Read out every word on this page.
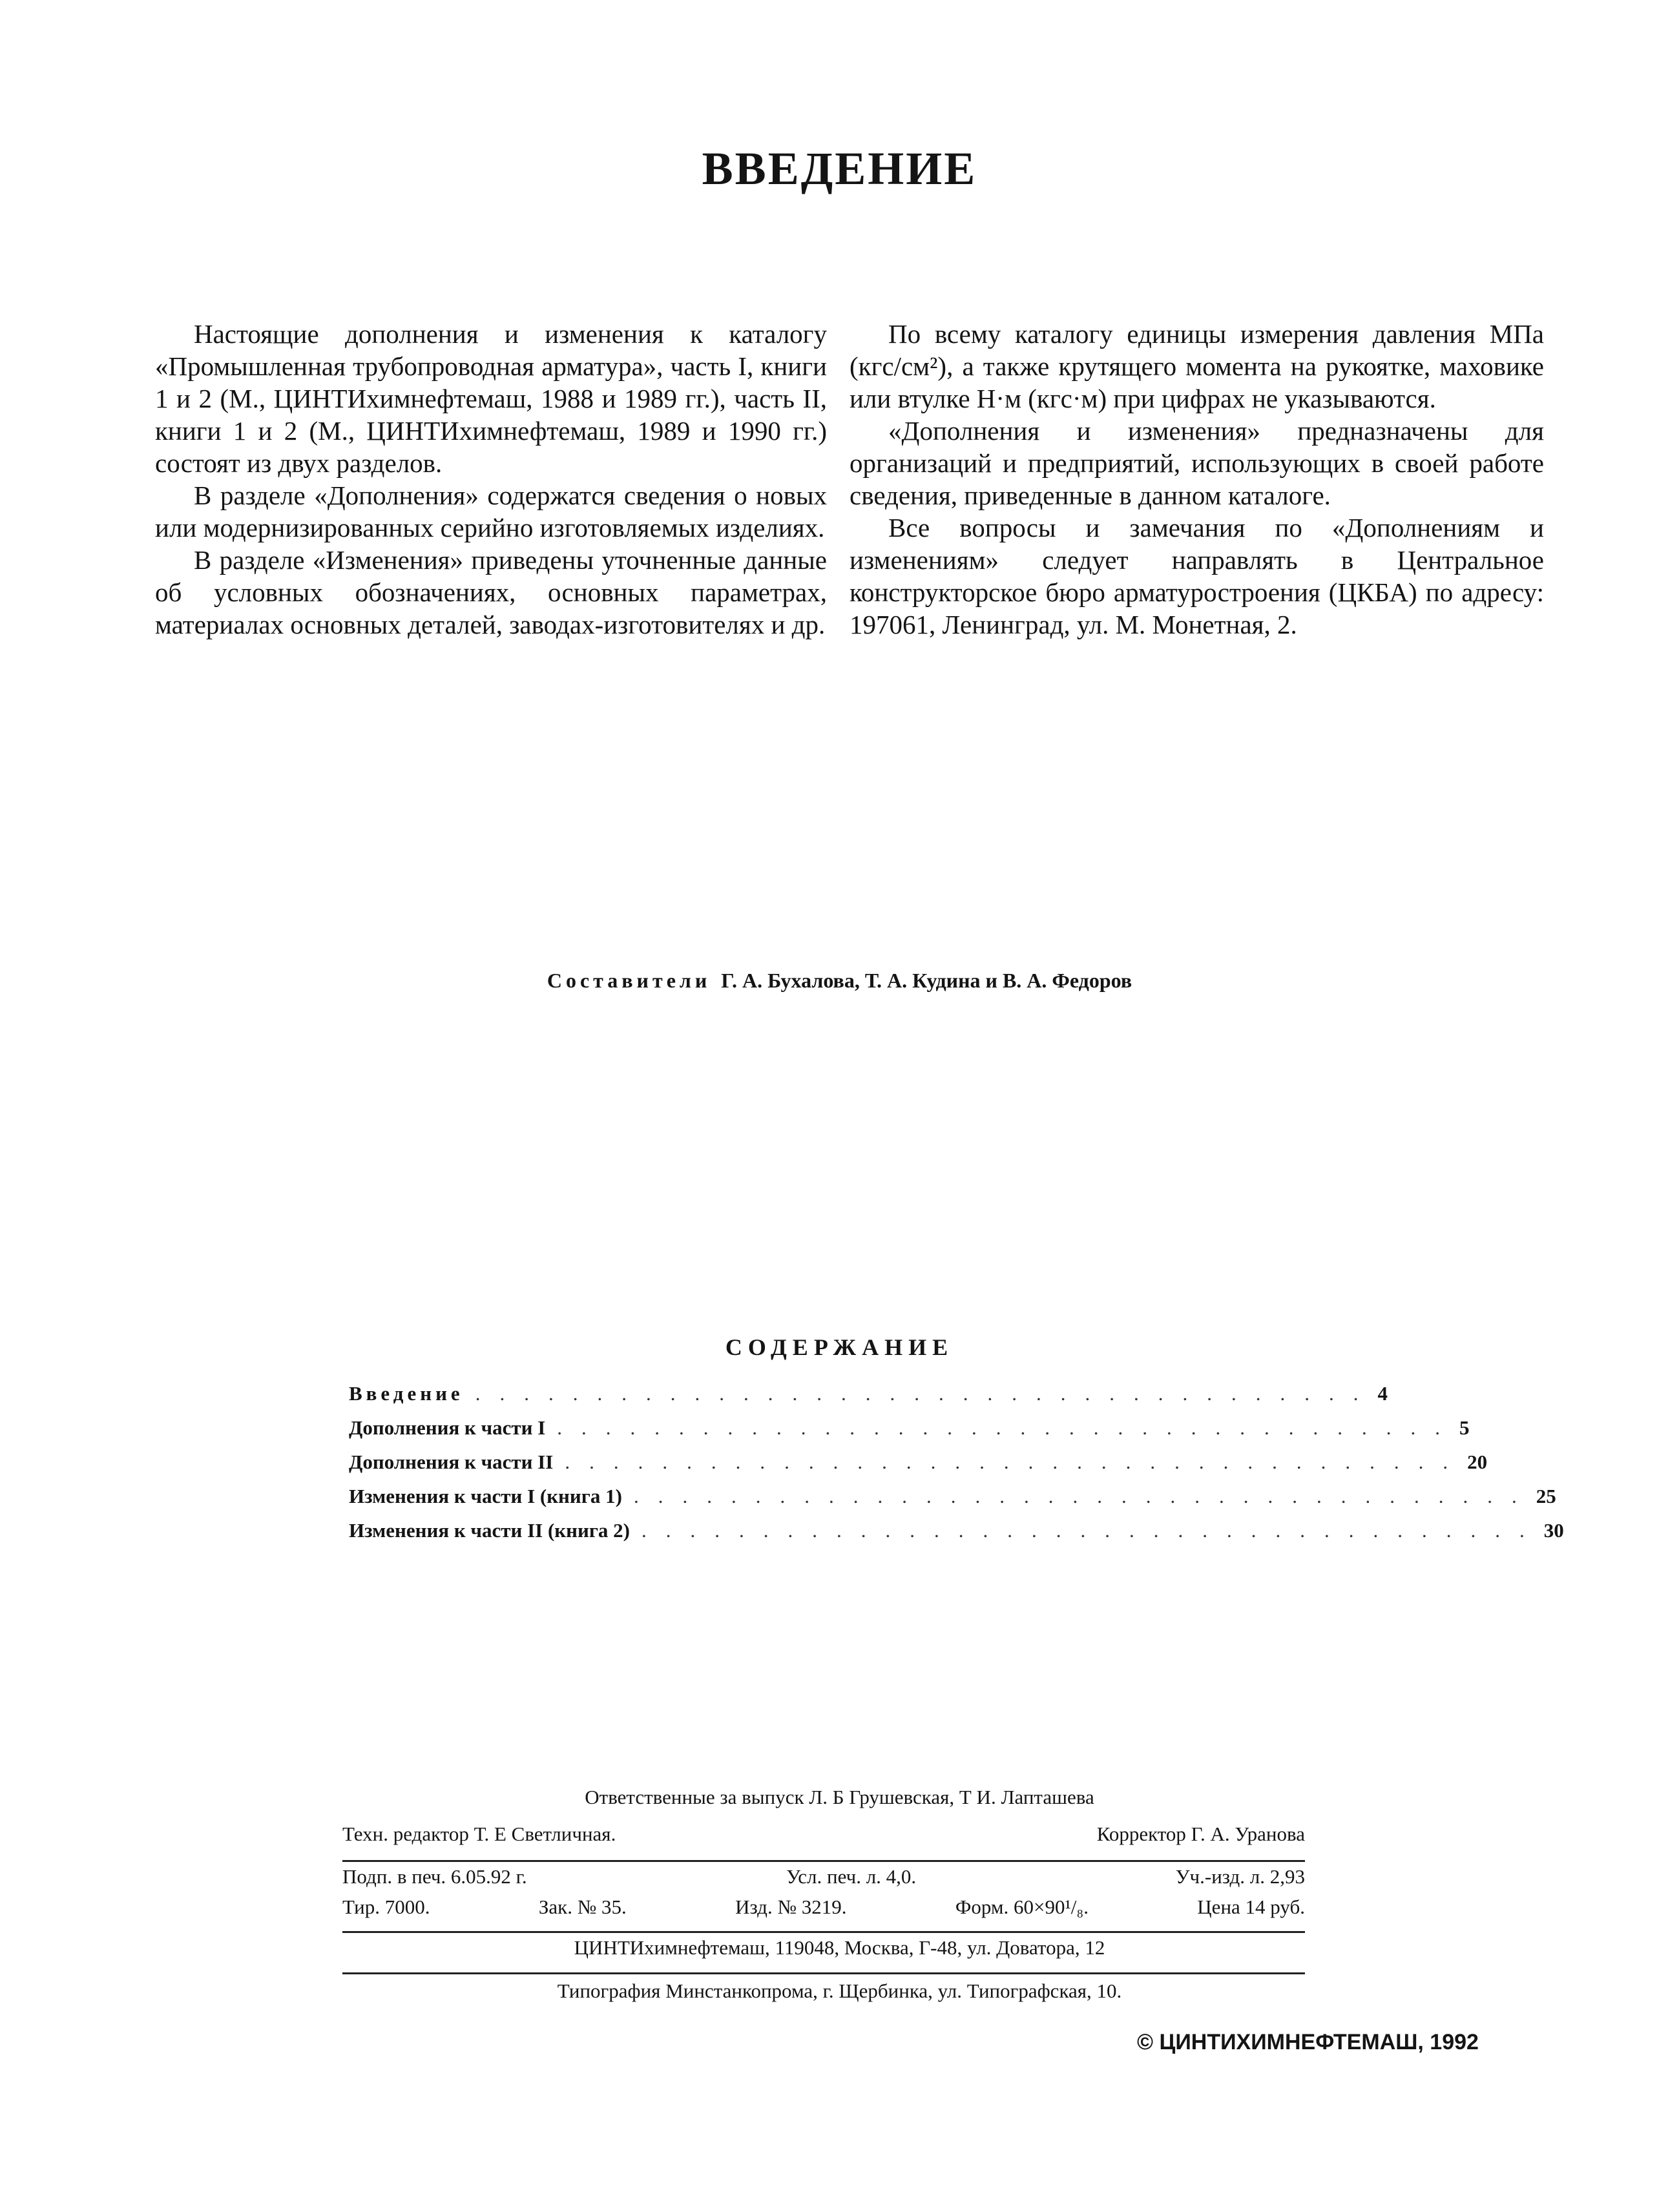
ВВЕДЕНИЕ

Настоящие дополнения и изменения к каталогу «Промышленная трубопроводная арматура», часть I, книги 1 и 2 (М., ЦИНТИхимнефтемаш, 1988 и 1989 гг.), часть II, книги 1 и 2 (М., ЦИНТИхимнефтемаш, 1989 и 1990 гг.) состоят из двух разделов.

В разделе «Дополнения» содержатся сведения о новых или модернизированных серийно изготовляемых изделиях.

В разделе «Изменения» приведены уточненные данные об условных обозначениях, основных параметрах, материалах основных деталей, заводах-изготовителях и др.

По всему каталогу единицы измерения давления МПа (кгс/см²), а также крутящего момента на рукоятке, маховике или втулке Н·м (кгс·м) при цифрах не указываются.

«Дополнения и изменения» предназначены для организаций и предприятий, использующих в своей работе сведения, приведенные в данном каталоге.

Все вопросы и замечания по «Дополнениям и изменениям» следует направлять в Центральное конструкторское бюро арматуростроения (ЦКБА) по адресу: 197061, Ленинград, ул. М. Монетная, 2.

Составители Г. А. Бухалова, Т. А. Кудина и В. А. Федоров
СОДЕРЖАНИЕ
Введение ..................................... 4
Дополнения к части I ..................................... 5
Дополнения к части II ..................................... 20
Изменения к части I (книга 1) ..................................... 25
Изменения к части II (книга 2) ..................................... 30
Ответственные за выпуск Л. Б Грушевская, Т И. Лапташева
Техн. редактор Т. Е Светличная.	Корректор Г. А. Уранова
Подп. в печ. 6.05.92 г.	Усл. печ. л. 4,0.	Уч.-изд. л. 2,93
Тир. 7000.	Зак. № 35.	Изд. № 3219.	Форм. 60×90¹/₈.	Цена 14 руб.
ЦИНТИхимнефтемаш, 119048, Москва, Г-48, ул. Доватора, 12
Типография Минстанкопрома, г. Щербинка, ул. Типографская, 10.
© ЦИНТИХИМНЕФТЕМАШ, 1992
